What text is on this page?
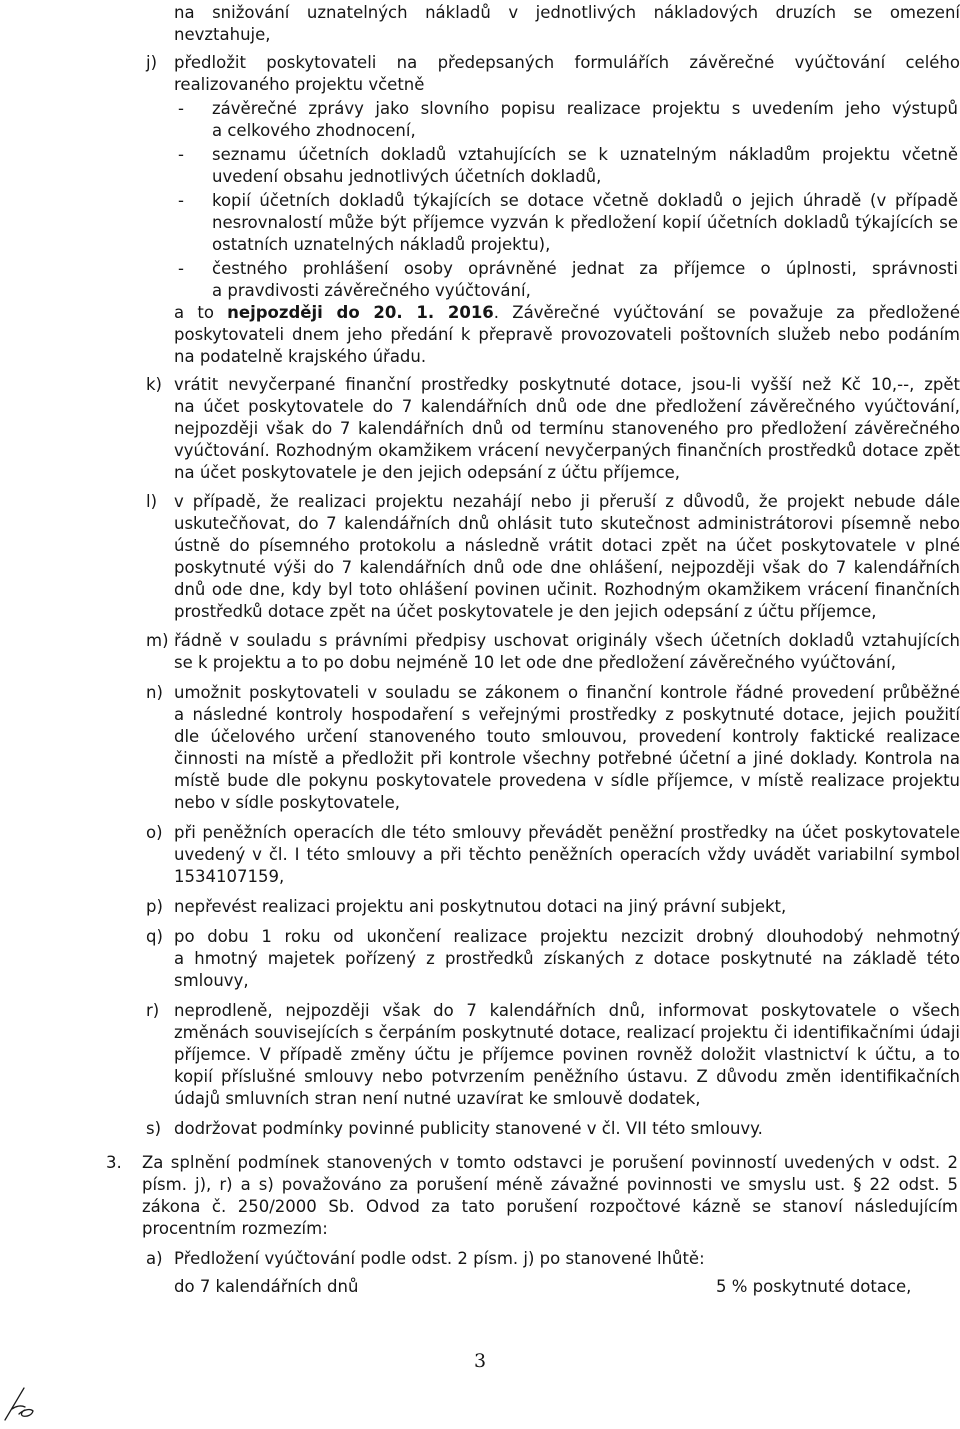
na snižování uznatelných nákladů v jednotlivých nákladových druzích se omezení
nevztahuje,
j) předložit poskytovateli na předepsaných formulářích závěrečné vyúčtování celého
realizovaného projektu včetně
- závěrečné zprávy jako slovního popisu realizace projektu s uvedením jeho výstupů
a celkového zhodnocení,
- seznamu účetních dokladů vztahujících se k uznatelným nákladům projektu včetně
uvedení obsahu jednotlivých účetních dokladů,
- kopií účetních dokladů týkajících se dotace včetně dokladů o jejich úhradě (v případě
nesrovnalostí může být příjemce vyzván k předložení kopií účetních dokladů týkajících se
ostatních uznatelných nákladů projektu),
- čestného prohlášení osoby oprávněné jednat za příjemce o úplnosti, správnosti
a pravdivosti závěrečného vyúčtování,
a to nejpozději do 20. 1. 2016. Závěrečné vyúčtování se považuje za předložené
poskytovateli dnem jeho předání k přepravě provozovateli poštovních služeb nebo podáním
na podatelně krajského úřadu.
k) vrátit nevyčerpané finanční prostředky poskytnuté dotace, jsou-li vyšší než Kč 10,--, zpět
na účet poskytovatele do 7 kalendářních dnů ode dne předložení závěrečného vyúčtování,
nejpozději však do 7 kalendářních dnů od termínu stanoveného pro předložení závěrečného
vyúčtování. Rozhodným okamžikem vrácení nevyčerpaných finančních prostředků dotace zpět
na účet poskytovatele je den jejich odepsání z účtu příjemce,
l) v případě, že realizaci projektu nezahájí nebo ji přeruší z důvodů, že projekt nebude dále
uskutečňovat, do 7 kalendářních dnů ohlásit tuto skutečnost administrátorovi písemně nebo
ústně do písemného protokolu a následně vrátit dotaci zpět na účet poskytovatele v plné
poskytnuté výši do 7 kalendářních dnů ode dne ohlášení, nejpozději však do 7 kalendářních
dnů ode dne, kdy byl toto ohlášení povinen učinit. Rozhodným okamžikem vrácení finančních
prostředků dotace zpět na účet poskytovatele je den jejich odepsání z účtu příjemce,
m) řádně v souladu s právními předpisy uschovat originály všech účetních dokladů vztahujících
se k projektu a to po dobu nejméně 10 let ode dne předložení závěrečného vyúčtování,
n) umožnit poskytovateli v souladu se zákonem o finanční kontrole řádné provedení průběžné
a následné kontroly hospodaření s veřejnými prostředky z poskytnuté dotace, jejich použití
dle účelového určení stanoveného touto smlouvou, provedení kontroly faktické realizace
činnosti na místě a předložit při kontrole všechny potřebné účetní a jiné doklady. Kontrola na
místě bude dle pokynu poskytovatele provedena v sídle příjemce, v místě realizace projektu
nebo v sídle poskytovatele,
o) při peněžních operacích dle této smlouvy převádět peněžní prostředky na účet poskytovatele
uvedený v čl. I této smlouvy a při těchto peněžních operacích vždy uvádět variabilní symbol
1534107159,
p) nepřevést realizaci projektu ani poskytnutou dotaci na jiný právní subjekt,
q) po dobu 1 roku od ukončení realizace projektu nezcizit drobný dlouhodobý nehmotný
a hmotný majetek pořízený z prostředků získaných z dotace poskytnuté na základě této
smlouvy,
r) neprodleně, nejpozději však do 7 kalendářních dnů, informovat poskytovatele o všech
změnách souvisejících s čerpáním poskytnuté dotace, realizací projektu či identifikačními údaji
příjemce. V případě změny účtu je příjemce povinen rovněž doložit vlastnictví k účtu, a to
kopií příslušné smlouvy nebo potvrzením peněžního ústavu. Z důvodu změn identifikačních
údajů smluvních stran není nutné uzavírat ke smlouvě dodatek,
s) dodržovat podmínky povinné publicity stanovené v čl. VII této smlouvy.
3. Za splnění podmínek stanovených v tomto odstavci je porušení povinností uvedených v odst. 2
písm. j), r) a s) považováno za porušení méně závažné povinnosti ve smyslu ust. § 22 odst. 5
zákona č. 250/2000 Sb. Odvod za tato porušení rozpočtové kázně se stanoví následujícím
procentním rozmezím:
a) Předložení vyúčtování podle odst. 2 písm. j) po stanovené lhůtě:
do 7 kalendářních dnů	5 % poskytnuté dotace,
3
